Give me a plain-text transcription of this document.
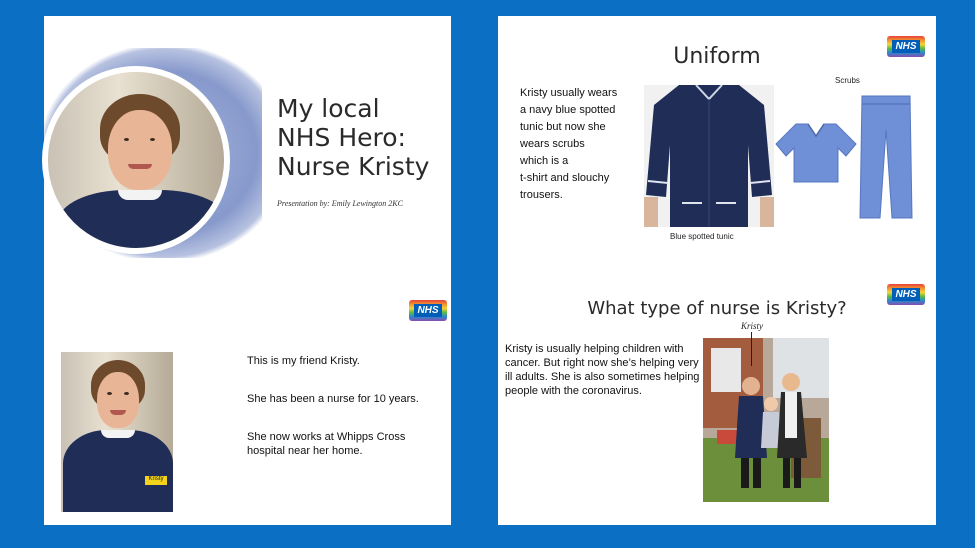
My local
NHS Hero:
Nurse Kristy
Presentation by: Emily Lewington 2KC
NHS
Kristy
This is my friend Kristy.
She has been a nurse for 10 years.
She now works at Whipps Cross hospital near her home.
Uniform	NHS
Kristy usually wears
a navy blue spotted
tunic but now she
wears scrubs
which is a
t-shirt and slouchy
trousers.
Blue spotted tunic
Scrubs
NHS
What type of nurse is Kristy?
Kristy is usually helping children with cancer. But right now she’s helping very ill adults. She is also sometimes helping people with the coronavirus.
Kristy
